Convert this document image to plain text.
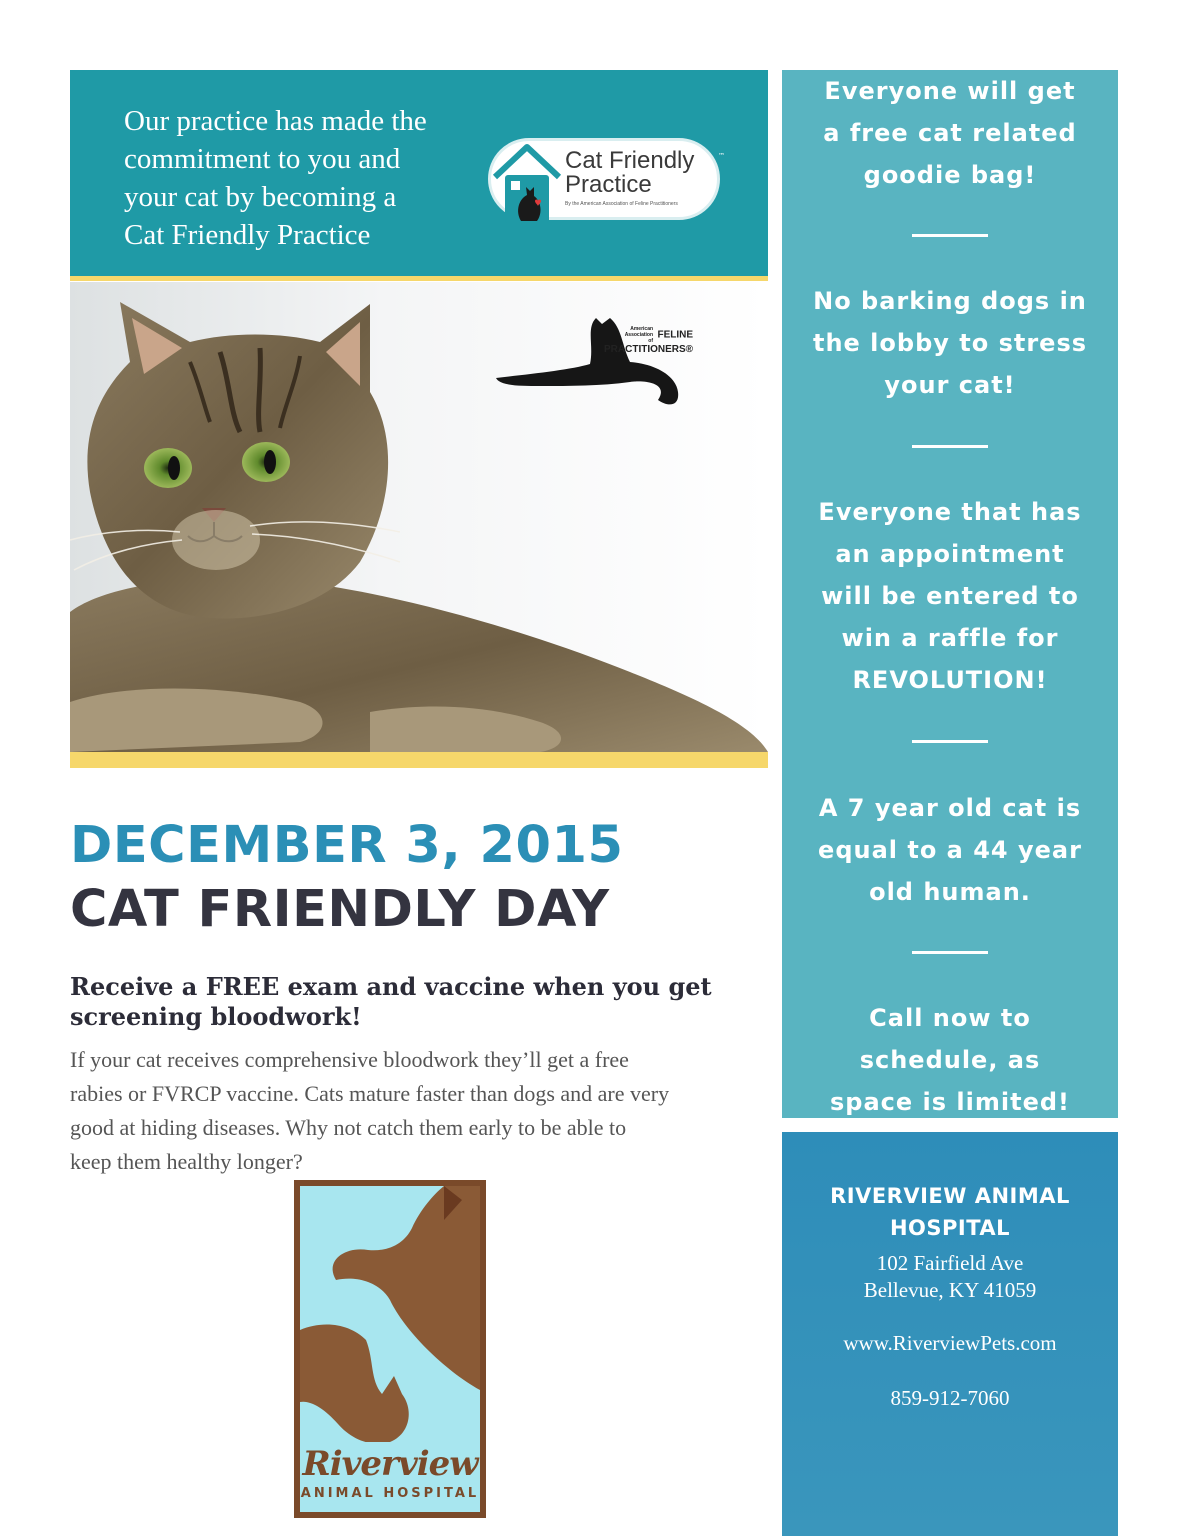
Our practice has made the
commitment to you and
your cat by becoming a
Cat Friendly Practice

Cat Friendly
Practice
By the American Association of Feline Practitioners
™
American Association of FELINE
PRACTITIONERS®
DECEMBER 3, 2015
CAT FRIENDLY DAY
Receive a FREE exam and vaccine when you get
screening bloodwork!

If your cat receives comprehensive bloodwork they’ll get a free
rabies or FVRCP vaccine. Cats mature faster than dogs and are very
good at hiding diseases. Why not catch them early to be able to
keep them healthy longer?

Riverview
ANIMAL HOSPITAL

Everyone will get
a free cat related
goodie bag!

No barking dogs in
the lobby to stress
your cat!

Everyone that has
an appointment
will be entered to
win a raffle for
REVOLUTION!

A 7 year old cat is
equal to a 44 year
old human.

Call now to
schedule, as
space is limited!

RIVERVIEW ANIMAL
HOSPITAL

102 Fairfield Ave
Bellevue, KY 41059
www.RiverviewPets.com
859-912-7060
